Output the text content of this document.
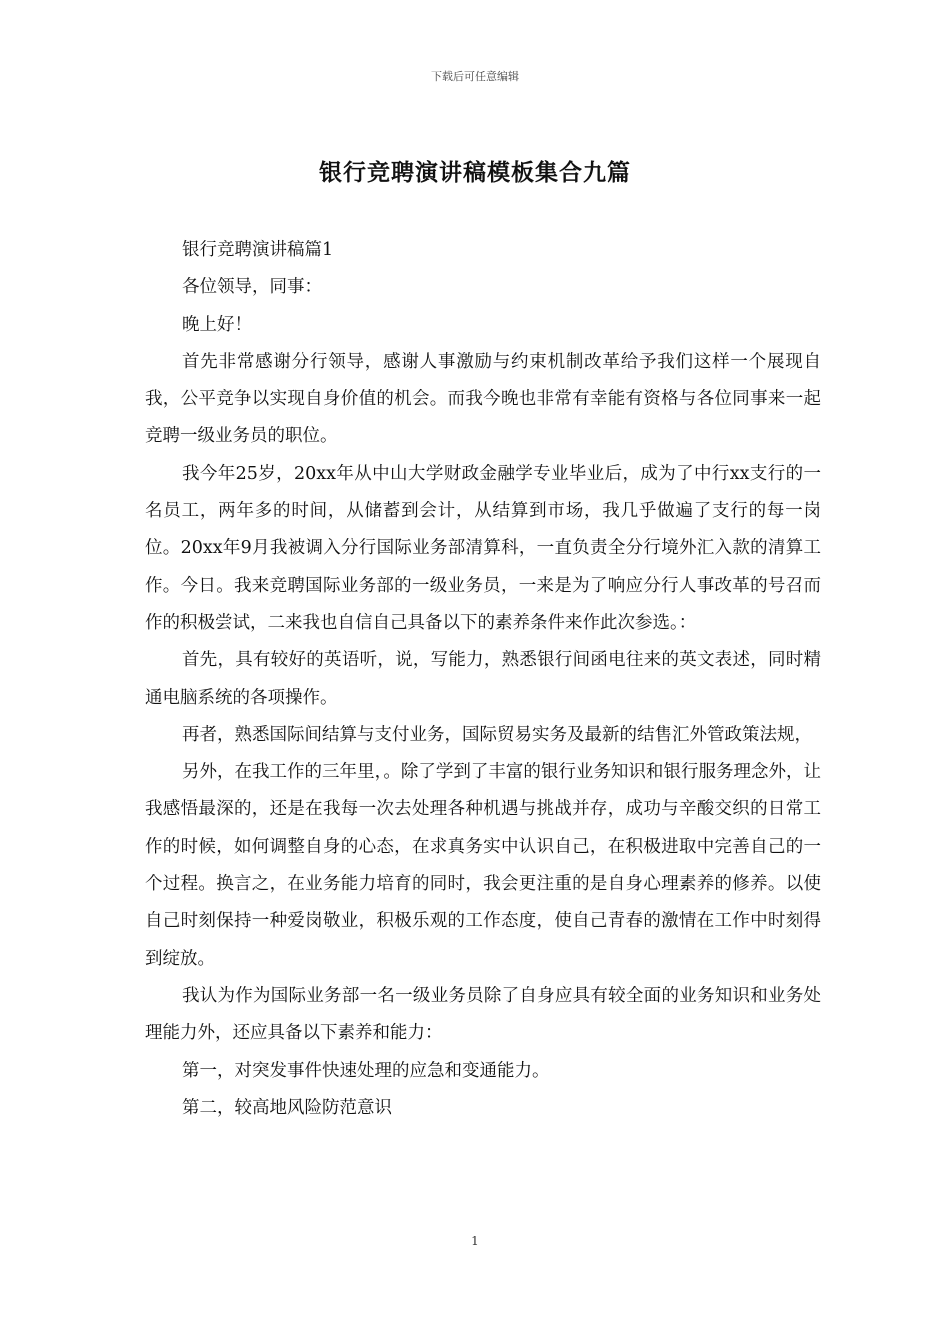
下载后可任意编辑
银行竞聘演讲稿模板集合九篇

银行竞聘演讲稿篇1

各位领导，同事：

晚上好！

首先非常感谢分行领导，感谢人事激励与约束机制改革给予我们这样一个展现自我，公平竞争以实现自身价值的机会。而我今晚也非常有幸能有资格与各位同事来一起竞聘一级业务员的职位。

我今年25岁，20xx年从中山大学财政金融学专业毕业后，成为了中行xx支行的一名员工，两年多的时间，从储蓄到会计，从结算到市场，我几乎做遍了支行的每一岗位。20xx年9月我被调入分行国际业务部清算科，一直负责全分行境外汇入款的清算工作。今日。我来竞聘国际业务部的一级业务员，一来是为了响应分行人事改革的号召而作的积极尝试，二来我也自信自己具备以下的素养条件来作此次参选。：

首先，具有较好的英语听，说，写能力，熟悉银行间函电往来的英文表述，同时精通电脑系统的各项操作。

再者，熟悉国际间结算与支付业务，国际贸易实务及最新的结售汇外管政策法规，

另外，在我工作的三年里，。除了学到了丰富的银行业务知识和银行服务理念外，让我感悟最深的，还是在我每一次去处理各种机遇与挑战并存，成功与辛酸交织的日常工作的时候，如何调整自身的心态，在求真务实中认识自己，在积极进取中完善自己的一个过程。换言之，在业务能力培育的同时，我会更注重的是自身心理素养的修养。以使自己时刻保持一种爱岗敬业，积极乐观的工作态度，使自己青春的激情在工作中时刻得到绽放。

我认为作为国际业务部一名一级业务员除了自身应具有较全面的业务知识和业务处理能力外，还应具备以下素养和能力：

第一，对突发事件快速处理的应急和变通能力。

第二，较高地风险防范意识

1
